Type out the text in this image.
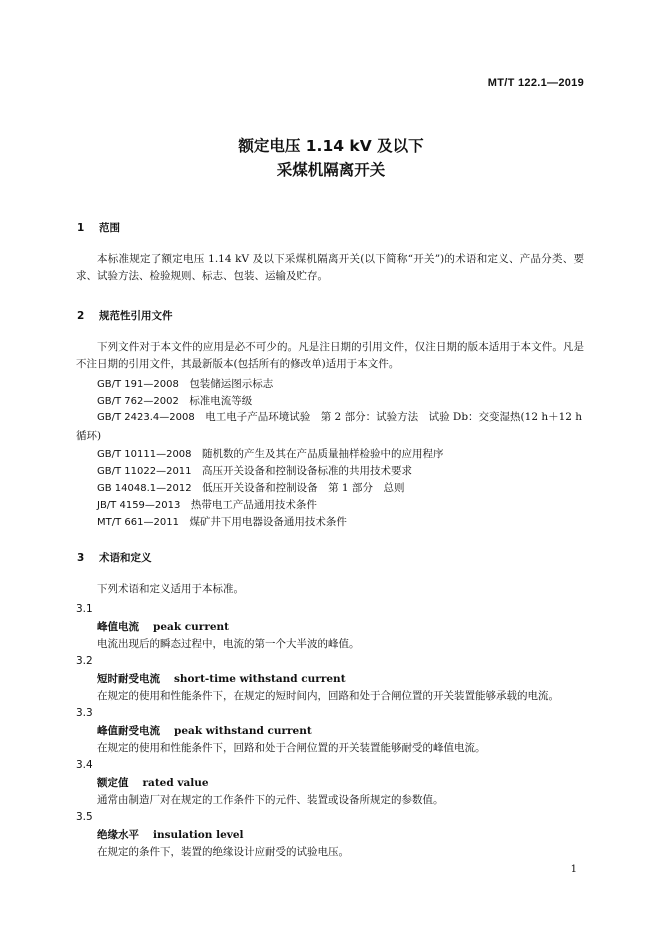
MT/T 122.1—2019
额定电压 1.14 kV 及以下
采煤机隔离开关
1 范围
本标准规定了额定电压 1.14 kV 及以下采煤机隔离开关(以下简称“开关”)的术语和定义、产品分类、要求、试验方法、检验规则、标志、包装、运输及贮存。
2 规范性引用文件
下列文件对于本文件的应用是必不可少的。凡是注日期的引用文件，仅注日期的版本适用于本文件。凡是不注日期的引用文件，其最新版本(包括所有的修改单)适用于本文件。
GB/T 191—2008　 包装储运图示标志
GB/T 762—2002　 标准电流等级
GB/T 2423.4—2008　 电工电子产品环境试验　第 2 部分：试验方法　试验 Db：交变湿热(12 h＋12 h 循环)
GB/T 10111—2008　 随机数的产生及其在产品质量抽样检验中的应用程序
GB/T 11022—2011　 高压开关设备和控制设备标准的共用技术要求
GB 14048.1—2012　 低压开关设备和控制设备　第 1 部分　总则
JB/T 4159—2013　 热带电工产品通用技术条件
MT/T 661—2011　 煤矿井下用电器设备通用技术条件
3 术语和定义
下列术语和定义适用于本标准。
3.1
峰值电流 peak current
电流出现后的瞬态过程中，电流的第一个大半波的峰值。
3.2
短时耐受电流 short-time withstand current
在规定的使用和性能条件下，在规定的短时间内，回路和处于合闸位置的开关装置能够承载的电流。
3.3
峰值耐受电流 peak withstand current
在规定的使用和性能条件下，回路和处于合闸位置的开关装置能够耐受的峰值电流。
3.4
额定值 rated value
通常由制造厂对在规定的工作条件下的元件、装置或设备所规定的参数值。
3.5
绝缘水平 insulation level
在规定的条件下，装置的绝缘设计应耐受的试验电压。
1
